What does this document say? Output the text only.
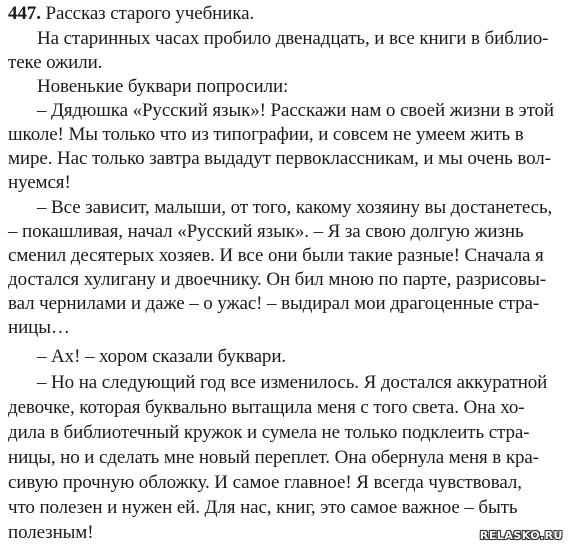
447. Рассказ старого учебника.
На старинных часах пробило двенадцать, и все книги в библио-
теке ожили.
Новенькие буквари попросили:
– Дядюшка «Русский язык»! Расскажи нам о своей жизни в этой
школе! Мы только что из типографии, и совсем не умеем жить в
мире. Нас только завтра выдадут первоклассникам, и мы очень вол-
нуемся!
– Все зависит, малыши, от того, какому хозяину вы достанетесь,
– покашливая, начал «Русский язык». – Я за свою долгую жизнь
сменил десятерых хозяев. И все они были такие разные! Сначала я
достался хулигану и двоечнику. Он бил мною по парте, разрисовы-
вал чернилами и даже – о ужас! – выдирал мои драгоценные стра-
ницы…
– Ах! – хором сказали буквари.
– Но на следующий год все изменилось. Я достался аккуратной
девочке, которая буквально вытащила меня с того света. Она хо-
дила в библиотечный кружок и сумела не только подклеить стра-
ницы, но и сделать мне новый переплет. Она обернула меня в кра-
сивую прочную обложку. И самое главное! Я всегда чувствовал,
что полезен и нужен ей. Для нас, книг, это самое важное – быть
полезным!	RELASKO.RU
